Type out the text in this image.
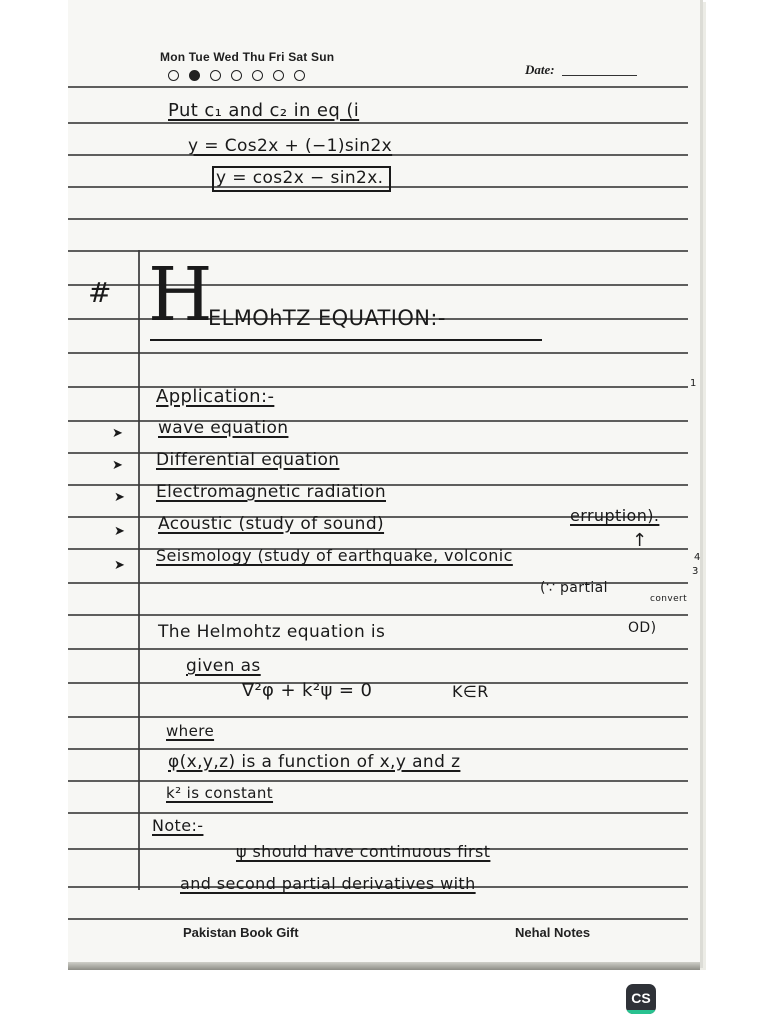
Mon Tue Wed Thu Fri Sat Sun
Date:
Put c₁ and c₂ in eq (i
y = Cos2x + (−1)sin2x
y = cos2x − sin2x.
# H
ELMOhTZ EQUATION:-
Application:-
➤ wave equation
➤ Differential equation
➤ Electromagnetic radiation
➤ Acoustic (study of sound)	erruption).
➤
Seismology (study of earthquake, volconic
↑
(∵ partial
convert
OD)
1
4
3
The Helmohtz equation is
given as
∇²φ + k²ψ = 0	K∈R
where
φ(x,y,z) is a function of x,y and z
k² is constant
Note:-
ψ should have continuous first
and second partial derivatives with
Pakistan Book Gift	Nehal Notes
CS
